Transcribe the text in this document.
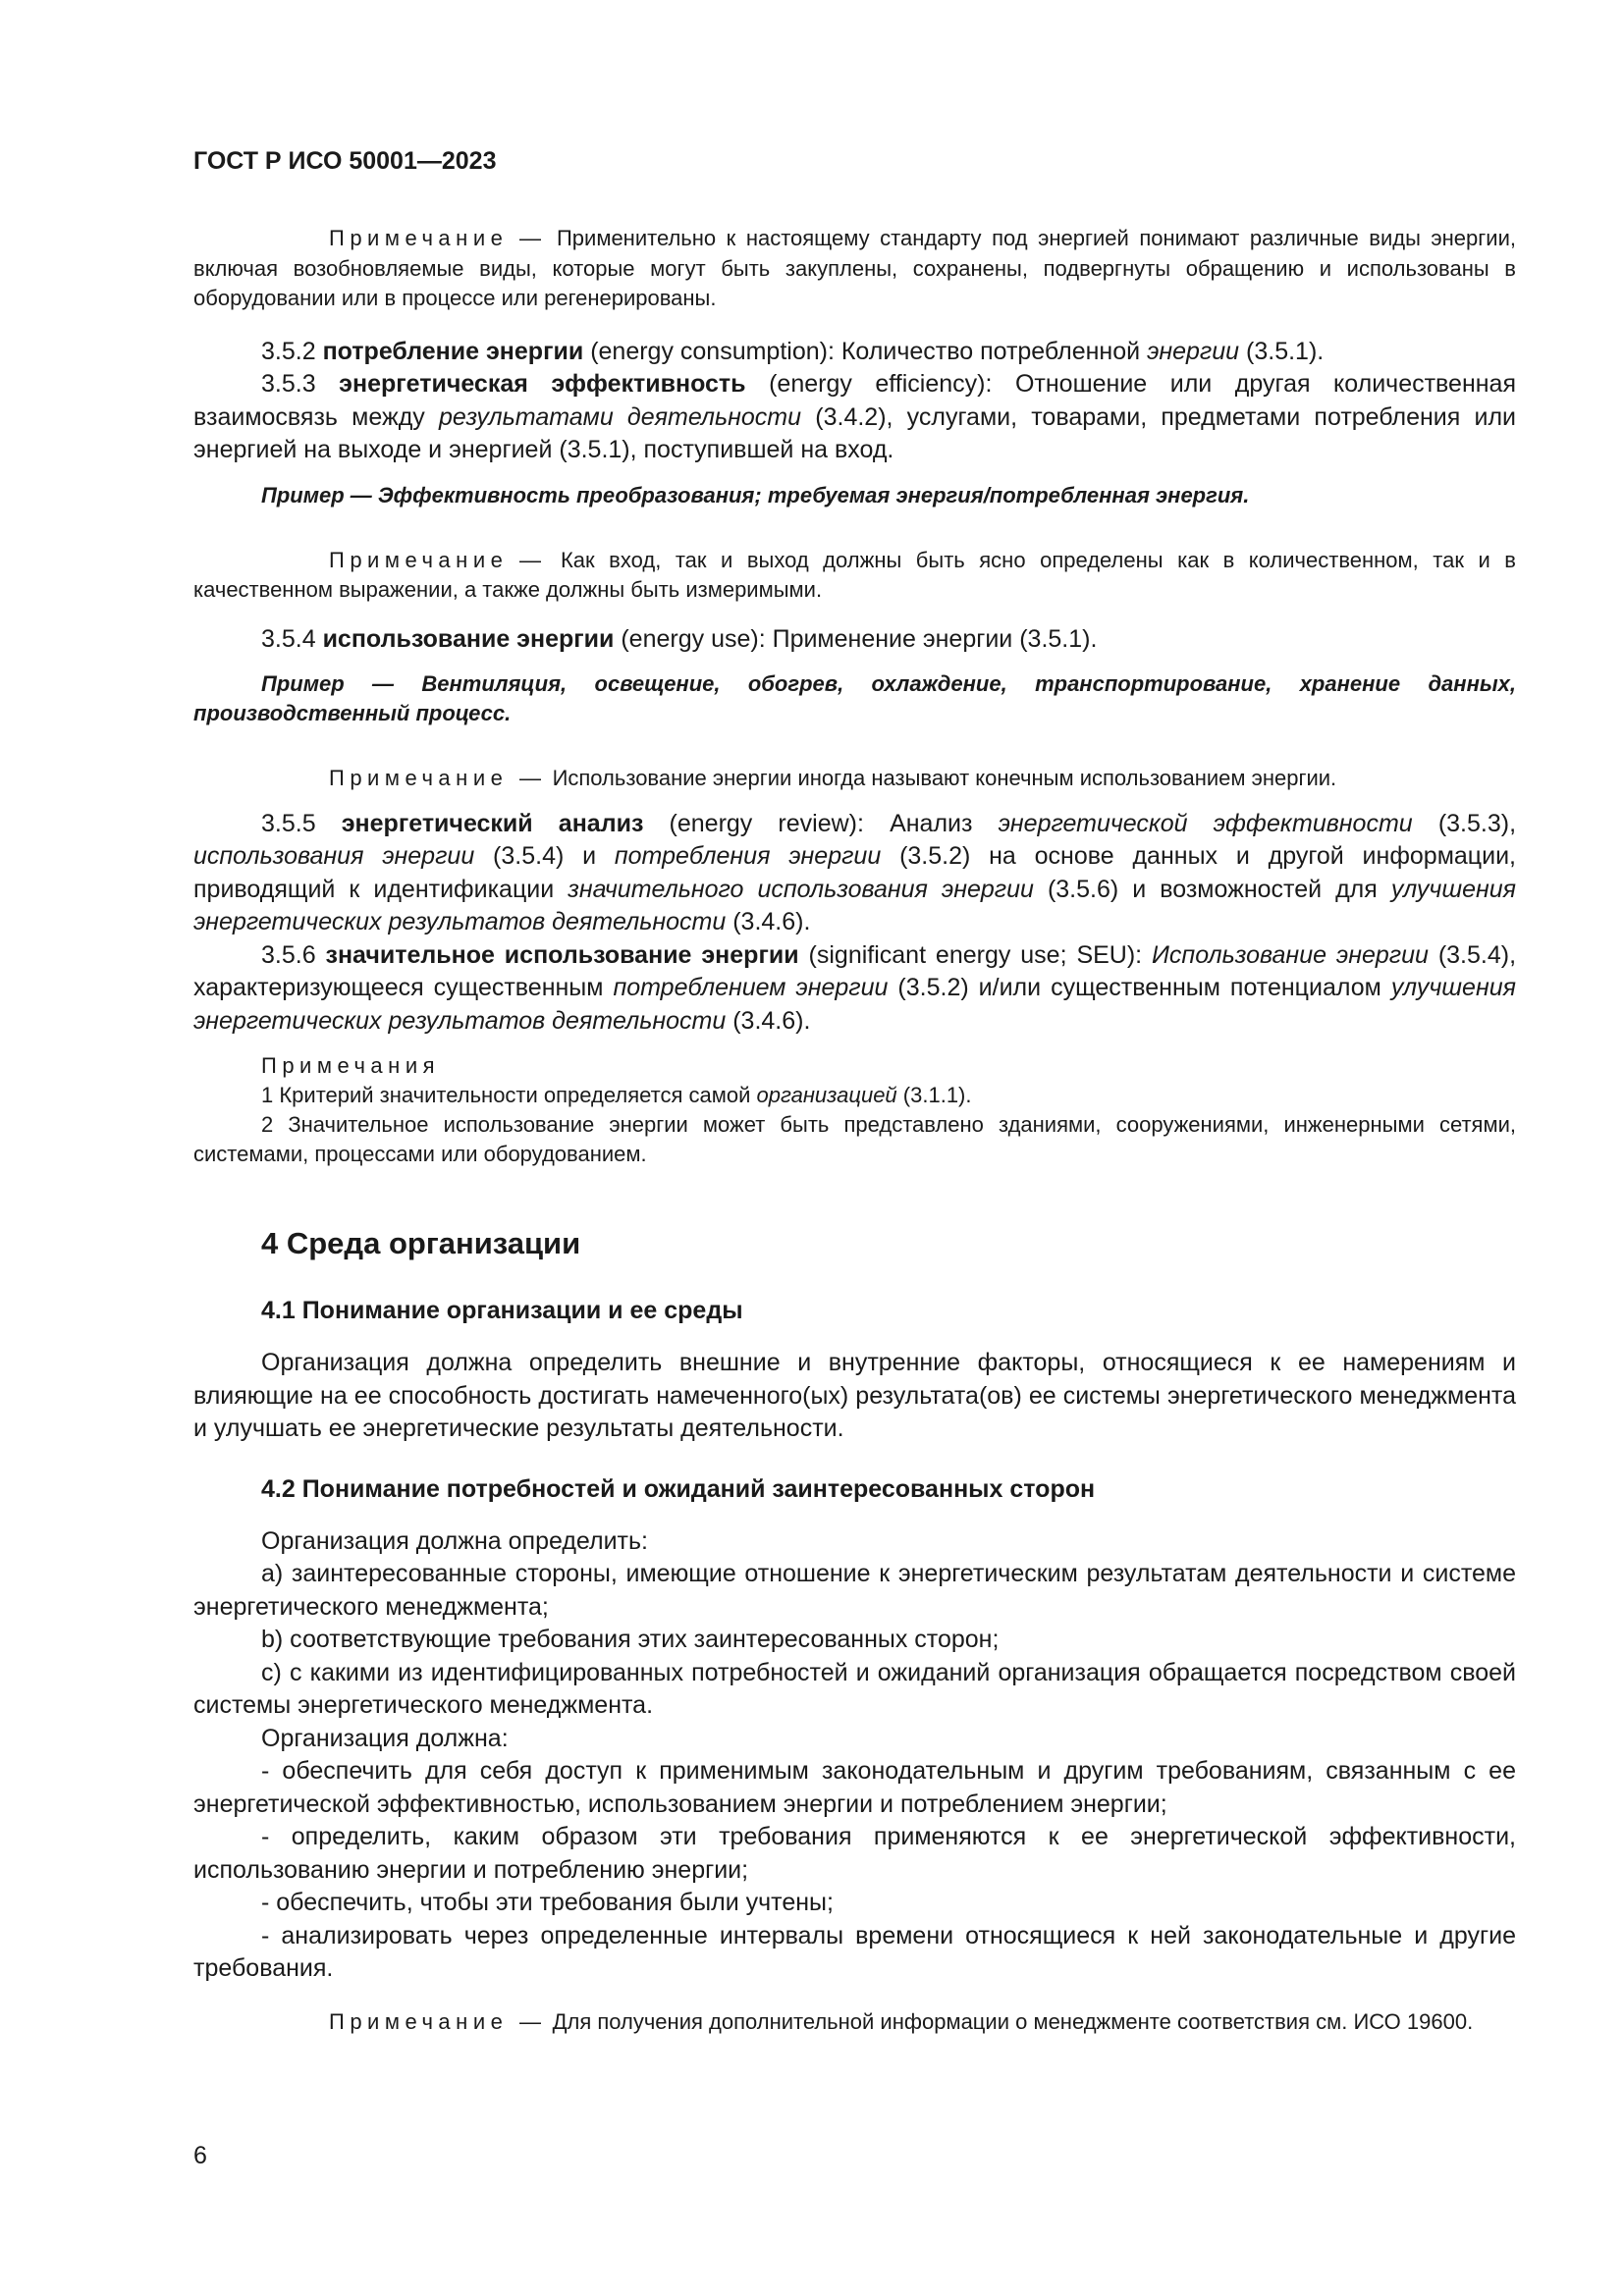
ГОСТ Р ИСО 50001—2023

Примечание — Применительно к настоящему стандарту под энергией понимают различные виды энергии, включая возобновляемые виды, которые могут быть закуплены, сохранены, подвергнуты обращению и использованы в оборудовании или в процессе или регенерированы.

3.5.2 потребление энергии (energy consumption): Количество потребленной энергии (3.5.1).

3.5.3 энергетическая эффективность (energy efficiency): Отношение или другая количественная взаимосвязь между результатами деятельности (3.4.2), услугами, товарами, предметами потребления или энергией на выходе и энергией (3.5.1), поступившей на вход.

Пример — Эффективность преобразования; требуемая энергия/потребленная энергия.

Примечание — Как вход, так и выход должны быть ясно определены как в количественном, так и в качественном выражении, а также должны быть измеримыми.

3.5.4 использование энергии (energy use): Применение энергии (3.5.1).

Пример — Вентиляция, освещение, обогрев, охлаждение, транспортирование, хранение данных, производственный процесс.

Примечание — Использование энергии иногда называют конечным использованием энергии.

3.5.5 энергетический анализ (energy review): Анализ энергетической эффективности (3.5.3), использования энергии (3.5.4) и потребления энергии (3.5.2) на основе данных и другой информации, приводящий к идентификации значительного использования энергии (3.5.6) и возможностей для улучшения энергетических результатов деятельности (3.4.6).

3.5.6 значительное использование энергии (significant energy use; SEU): Использование энергии (3.5.4), характеризующееся существенным потреблением энергии (3.5.2) и/или существенным потенциалом улучшения энергетических результатов деятельности (3.4.6).

Примечания

1 Критерий значительности определяется самой организацией (3.1.1).

2 Значительное использование энергии может быть представлено зданиями, сооружениями, инженерными сетями, системами, процессами или оборудованием.

4 Среда организации
4.1 Понимание организации и ее среды

Организация должна определить внешние и внутренние факторы, относящиеся к ее намерениям и влияющие на ее способность достигать намеченного(ых) результата(ов) ее системы энергетического менеджмента и улучшать ее энергетические результаты деятельности.

4.2 Понимание потребностей и ожиданий заинтересованных сторон

Организация должна определить:

a) заинтересованные стороны, имеющие отношение к энергетическим результатам деятельности и системе энергетического менеджмента;

b) соответствующие требования этих заинтересованных сторон;

c) с какими из идентифицированных потребностей и ожиданий организация обращается посредством своей системы энергетического менеджмента.

Организация должна:

- обеспечить для себя доступ к применимым законодательным и другим требованиям, связанным с ее энергетической эффективностью, использованием энергии и потреблением энергии;

- определить, каким образом эти требования применяются к ее энергетической эффективности, использованию энергии и потреблению энергии;

- обеспечить, чтобы эти требования были учтены;

- анализировать через определенные интервалы времени относящиеся к ней законодательные и другие требования.

Примечание — Для получения дополнительной информации о менеджменте соответствия см. ИСО 19600.

6
